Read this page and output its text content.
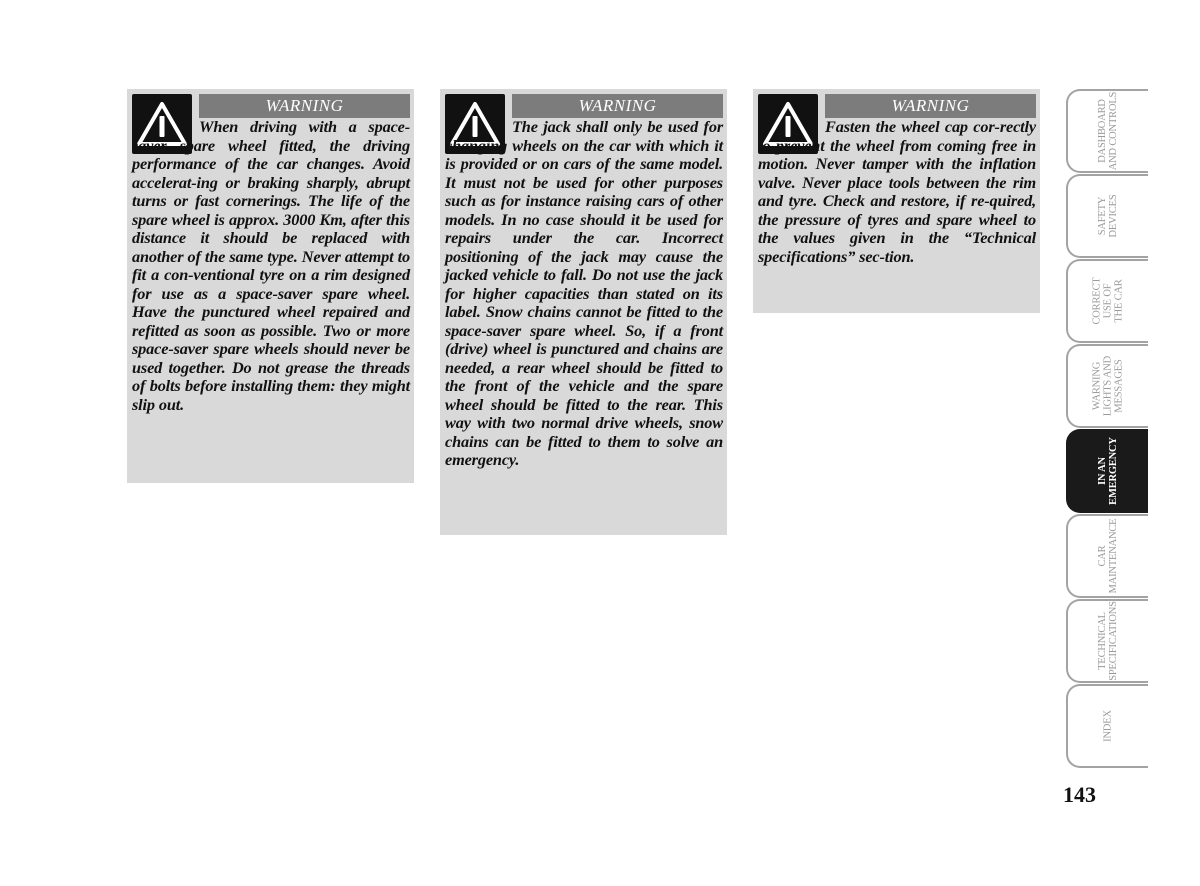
WARNING

When driving with a space-saver spare wheel fitted, the driving performance of the car changes. Avoid accelerat-ing or braking sharply, abrupt turns or fast cornerings. The life of the spare wheel is approx. 3000 Km, after this distance it should be replaced with another of the same type. Never attempt to fit a con-ventional tyre on a rim designed for use as a space-saver spare wheel. Have the punctured wheel repaired and refitted as soon as possible. Two or more space-saver spare wheels should never be used together. Do not grease the threads of bolts before installing them: they might slip out.

WARNING

The jack shall only be used for changing wheels on the car with which it is provided or on cars of the same model. It must not be used for other purposes such as for instance raising cars of other models. In no case should it be used for repairs under the car. Incorrect positioning of the jack may cause the jacked vehicle to fall. Do not use the jack for higher capacities than stated on its label. Snow chains cannot be fitted to the space-saver spare wheel. So, if a front (drive) wheel is punctured and chains are needed, a rear wheel should be fitted to the front of the vehicle and the spare wheel should be fitted to the rear. This way with two normal drive wheels, snow chains can be fitted to them to solve an emergency.

WARNING

Fasten the wheel cap cor-rectly to prevent the wheel from coming free in motion. Never tamper with the inflation valve. Never place tools between the rim and tyre. Check and restore, if re-quired, the pressure of tyres and spare wheel to the values given in the “Technical specifications” sec-tion.

DASHBOARD
AND CONTROLS
SAFETY
DEVICES
CORRECT
USE OF
THE CAR
WARNING
LIGHTS AND
MESSAGES
IN AN
EMERGENCY
CAR
MAINTENANCE
TECHNICAL
SPECIFICATIONS
INDEX
143
